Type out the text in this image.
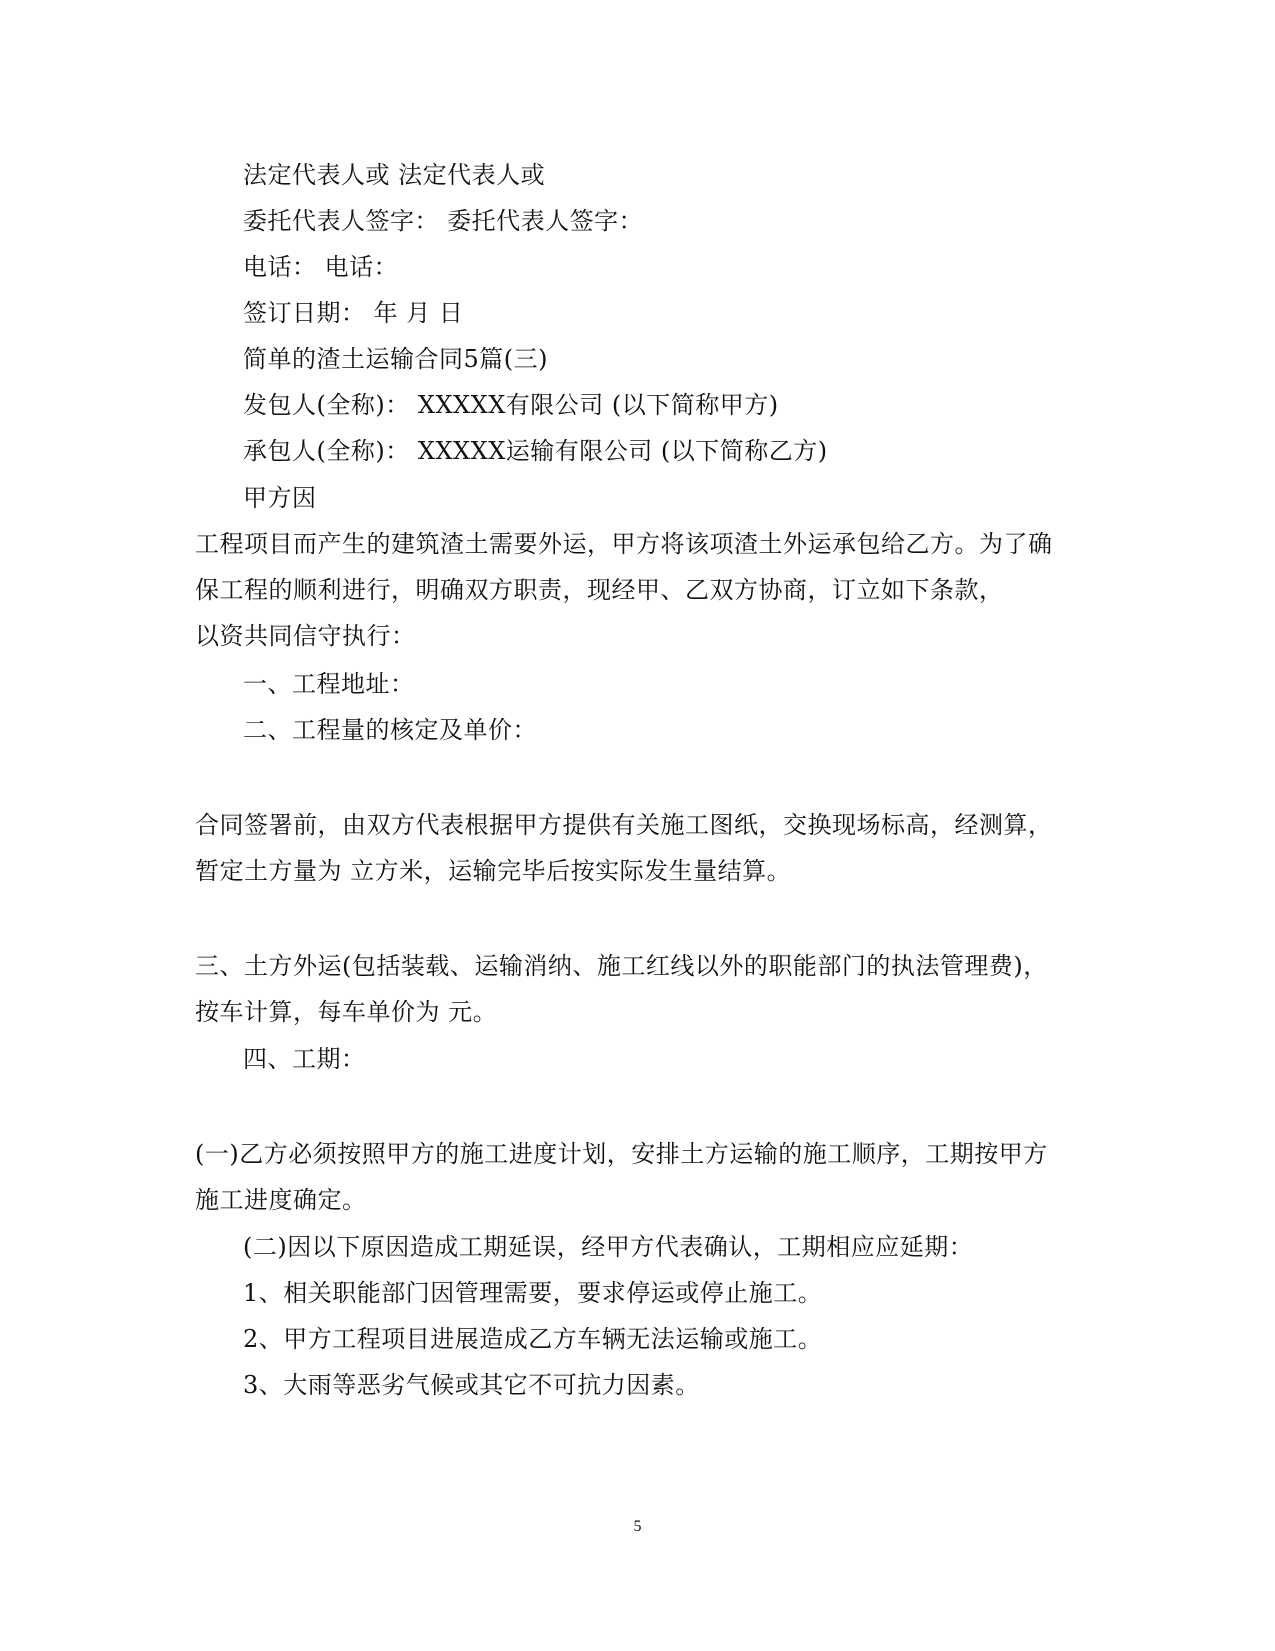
法定代表人或 法定代表人或
委托代表人签字： 委托代表人签字：
电话： 电话：
签订日期： 年 月 日
简单的渣土运输合同5篇(三)
发包人(全称)： XXXXX有限公司 (以下简称甲方)
承包人(全称)： XXXXX运输有限公司 (以下简称乙方)
甲方因
工程项目而产生的建筑渣土需要外运，甲方将该项渣土外运承包给乙方。为了确
保工程的顺利进行，明确双方职责，现经甲、乙双方协商，订立如下条款，
以资共同信守执行：
一、工程地址：
二、工程量的核定及单价：
合同签署前，由双方代表根据甲方提供有关施工图纸，交换现场标高，经测算，
暂定土方量为 立方米，运输完毕后按实际发生量结算。
三、土方外运(包括装载、运输消纳、施工红线以外的职能部门的执法管理费)，
按车计算，每车单价为 元。
四、工期：
(一)乙方必须按照甲方的施工进度计划，安排土方运输的施工顺序，工期按甲方
施工进度确定。
(二)因以下原因造成工期延误，经甲方代表确认，工期相应应延期：
1、相关职能部门因管理需要，要求停运或停止施工。
2、甲方工程项目进展造成乙方车辆无法运输或施工。
3、大雨等恶劣气候或其它不可抗力因素。
5
